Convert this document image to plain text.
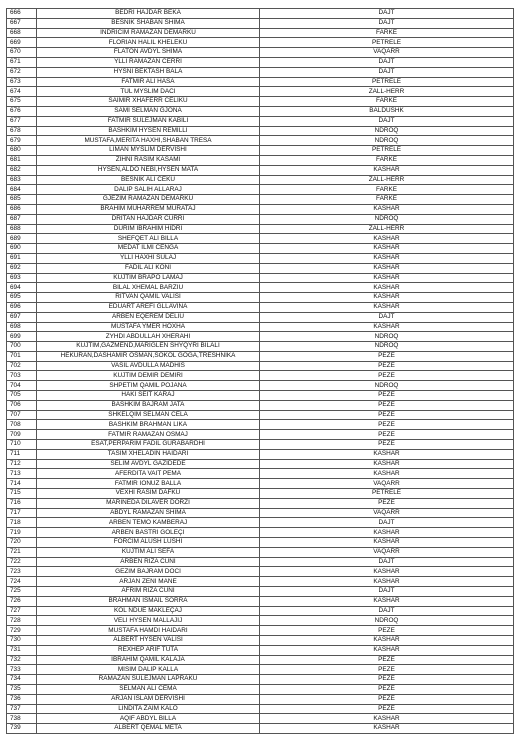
666	BEDRI HAJDAR BEKA	DAJT
667	BESNIK SHABAN SHIMA	DAJT
668	INDRICIM RAMAZAN DEMARKU	FARKE
669	FLORIAN HALIL KHELEKU	PETRELE
670	FLATON AVDYL SHIMA	VAQARR
671	YLLI RAMAZAN CERRI	DAJT
672	HYSNI BEKTASH BALA	DAJT
673	FATMIR ALI HASA	PETRELE
674	TUL MYSLIM DACI	ZALL-HERR
675	SAIMIR XHAFERR CELIKU	FARKE
676	SAMI SELMAN GJONA	BALDUSHK
677	FATMIR SULEJMAN KABILI	DAJT
678	BASHKIM HYSEN REMILLI	NDROQ
679	MUSTAFA,MERITA HAXHI,SHABAN TRESA	NDROQ
680	LIMAN MYSLIM DERVISHI	PETRELE
681	ZIHNI RASIM KASAMI	FARKE
682	HYSEN,ALDO NEBI,HYSEN MATA	KASHAR
683	BESNIK ALI CEKU	ZALL-HERR
684	DALIP SALIH ALLARAJ	FARKE
685	GJEZIM RAMAZAN DEMARKU	FARKE
686	BRAHIM MUHARREM MURATAJ	KASHAR
687	DRITAN HAJDAR CURRI	NDROQ
688	DURIM IBRAHIM HIDRI	ZALL-HERR
689	SHEFQET ALI BILLA	KASHAR
690	MEDAT ILMI CENGA	KASHAR
691	YLLI HAXHI SULAJ	KASHAR
692	FADIL ALI KONI	KASHAR
693	KUJTIM BRAPO LAMAJ	KASHAR
694	BILAL XHEMAL BARZIU	KASHAR
695	RITVAN QAMIL VALISI	KASHAR
696	EDUART AREFI GLLAVINA	KASHAR
697	ARBEN EQEREM DELIU	DAJT
698	MUSTAFA YMER HOXHA	KASHAR
699	ZYHDI ABDULLAH XHERAHI	NDROQ
700	KUJTIM,GAZMEND,MARIGLEN SHYQYRI BILALI	NDROQ
701	HEKURAN,DASHAMIR OSMAN,SOKOL GOGA,TRESHNIKA	PEZE
702	VASIL AVDULLA MADHIS	PEZE
703	KUJTIM DEMIR DEMIRI	PEZE
704	SHPETIM QAMIL POJANA	NDROQ
705	HAKI SEIT KARAJ	PEZE
706	BASHKIM BAJRAM JATA	PEZE
707	SHKELQIM SELMAN CELA	PEZE
708	BASHKIM BRAHMAN LIKA	PEZE
709	FATMIR RAMAZAN OSMAJ	PEZE
710	ESAT,PERPARIM FADIL GURABARDHI	PEZE
711	TASIM XHELADIN HAIDARI	KASHAR
712	SELIM AVDYL GAZIDEDE	KASHAR
713	AFERDITA VAIT PEMA	KASHAR
714	FATMIR IONUZ BALLA	VAQARR
715	VEXHI RASIM DAFKU	PETRELE
716	MARINEDA DILAVER DORZI	PEZE
717	ABDYL RAMAZAN SHIMA	VAQARR
718	ARBEN TEMO KAMBERAJ	DAJT
719	ARBEN BASTRI GOLEÇI	KASHAR
720	FORCIM ALUSH LUSHI	KASHAR
721	KUJTIM ALI SEFA	VAQARR
722	ARBEN RIZA CUNI	DAJT
723	GEZIM BAJRAM DOCI	KASHAR
724	ARJAN ZENI MANE	KASHAR
725	AFRIM RIZA CUNI	DAJT
726	BRAHMAN ISMAIL SORRA	KASHAR
727	KOL NDUE MAKLEÇAJ	DAJT
728	VELI HYSEN MALLAJIJ	NDROQ
729	MUSTAFA HAMDI HAIDARI	PEZE
730	ALBERT HYSEN VALISI	KASHAR
731	REXHEP ARIF TUTA	KASHAR
732	IBRAHIM QAMIL KALAJA	PEZE
733	MISIM DALIP KALLA	PEZE
734	RAMAZAN SULEJMAN LAPRAKU	PEZE
735	SELMAN ALI CEMA	PEZE
736	ARJAN ISLAM DERVISHI	PEZE
737	LINDITA ZAIM KALO	PEZE
738	AQIF ABDYL BILLA	KASHAR
739	ALBERT QEMAL META	KASHAR
